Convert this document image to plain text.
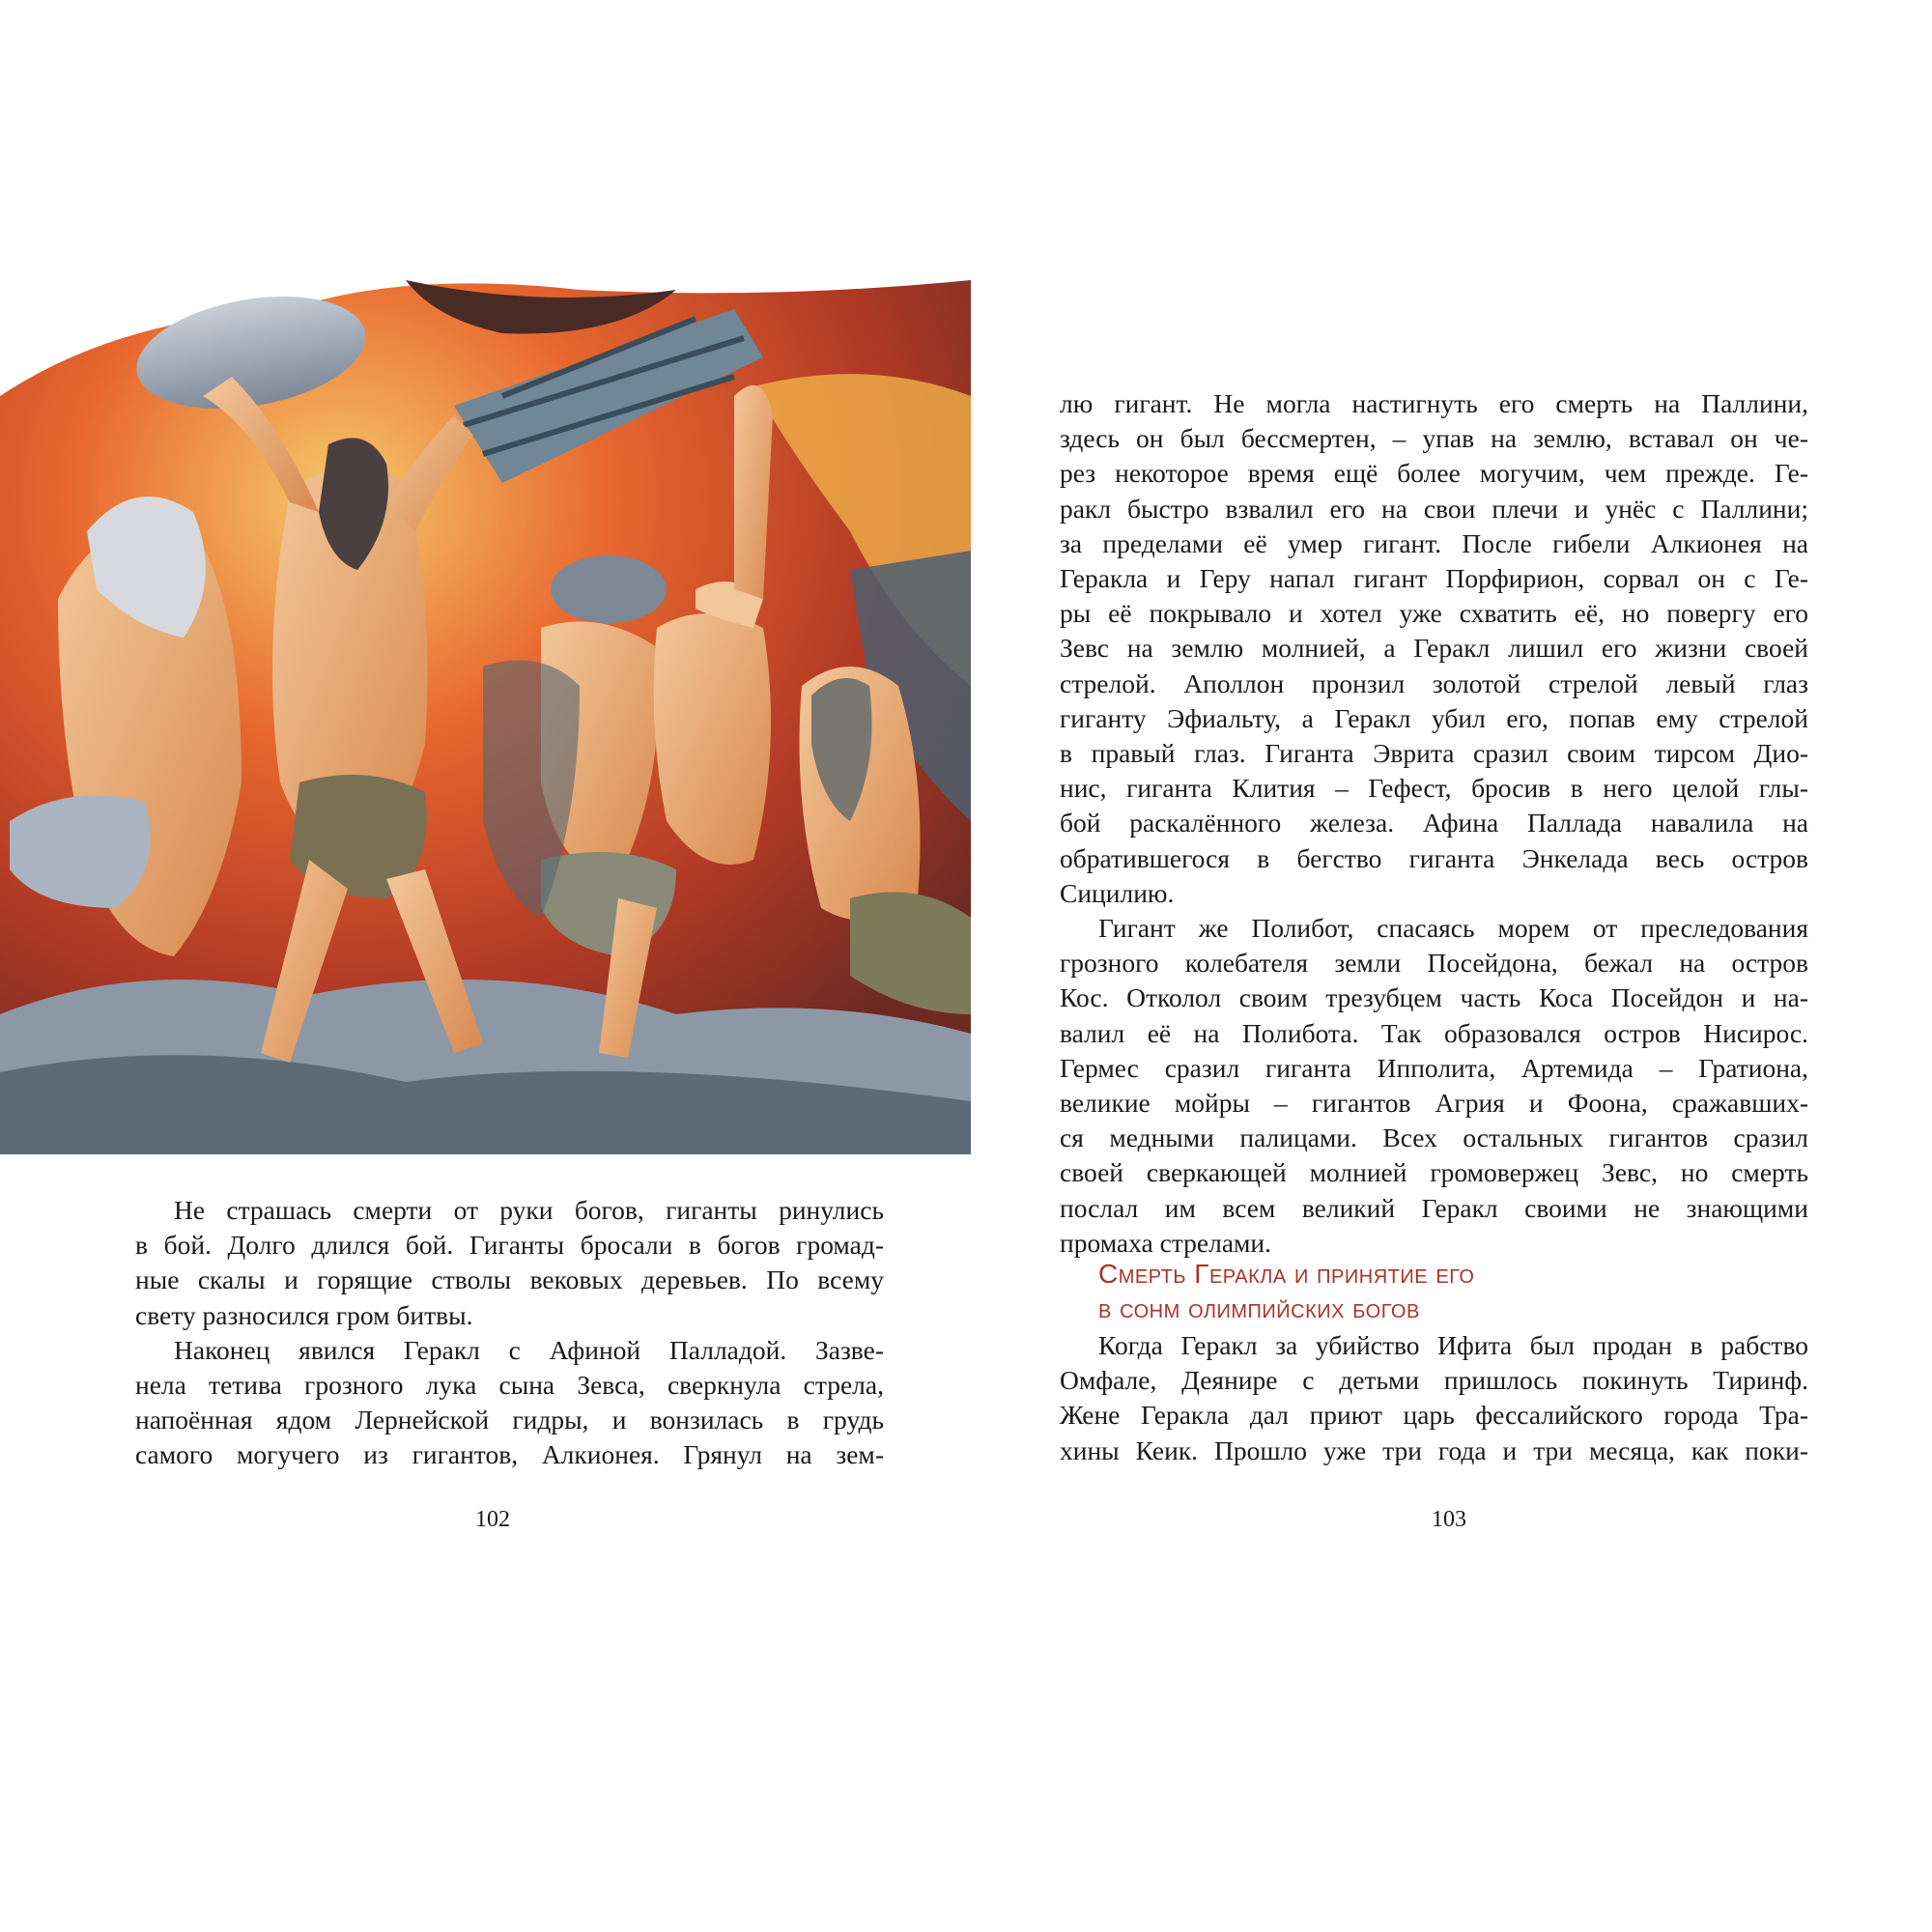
Не страшась смерти от руки богов, гиганты ринулись
в бой. Долго длился бой. Гиганты бросали в богов громад-
ные скалы и горящие стволы вековых деревьев. По всему
свету разносился гром битвы.

Наконец явился Геракл с Афиной Палладой. Зазве-
нела тетива грозного лука сына Зевса, сверкнула стрела,
напоённая ядом Лернейской гидры, и вонзилась в грудь
самого могучего из гигантов, Алкионея. Грянул на зем-

102

лю гигант. Не могла настигнуть его смерть на Паллини,
здесь он был бессмертен, – упав на землю, вставал он че-
рез некоторое время ещё более могучим, чем прежде. Ге-
ракл быстро взвалил его на свои плечи и унёс с Паллини;
за пределами её умер гигант. После гибели Алкионея на
Геракла и Геру напал гигант Порфирион, сорвал он с Ге-
ры её покрывало и хотел уже схватить её, но повергу его
Зевс на землю молнией, а Геракл лишил его жизни своей
стрелой. Аполлон пронзил золотой стрелой левый глаз
гиганту Эфиальту, а Геракл убил его, попав ему стрелой
в правый глаз. Гиганта Эврита сразил своим тирсом Дио-
нис, гиганта Клития – Гефест, бросив в него целой глы-
бой раскалённого железа. Афина Паллада навалила на
обратившегося в бегство гиганта Энкелада весь остров
Сицилию.

Гигант же Полибот, спасаясь морем от преследования
грозного колебателя земли Посейдона, бежал на остров
Кос. Отколол своим трезубцем часть Коса Посейдон и на-
валил её на Полибота. Так образовался остров Нисирос.
Гермес сразил гиганта Ипполита, Артемида – Гратиона,
великие мойры – гигантов Агрия и Фоона, сражавших-
ся медными палицами. Всех остальных гигантов сразил
своей сверкающей молнией громовержец Зевс, но смерть
послал им всем великий Геракл своими не знающими
промаха стрелами.

Смерть Геракла и принятие его
в сонм олимпийских богов

Когда Геракл за убийство Ифита был продан в рабство
Омфале, Деянире с детьми пришлось покинуть Тиринф.
Жене Геракла дал приют царь фессалийского города Тра-
хины Кеик. Прошло уже три года и три месяца, как поки-

103
